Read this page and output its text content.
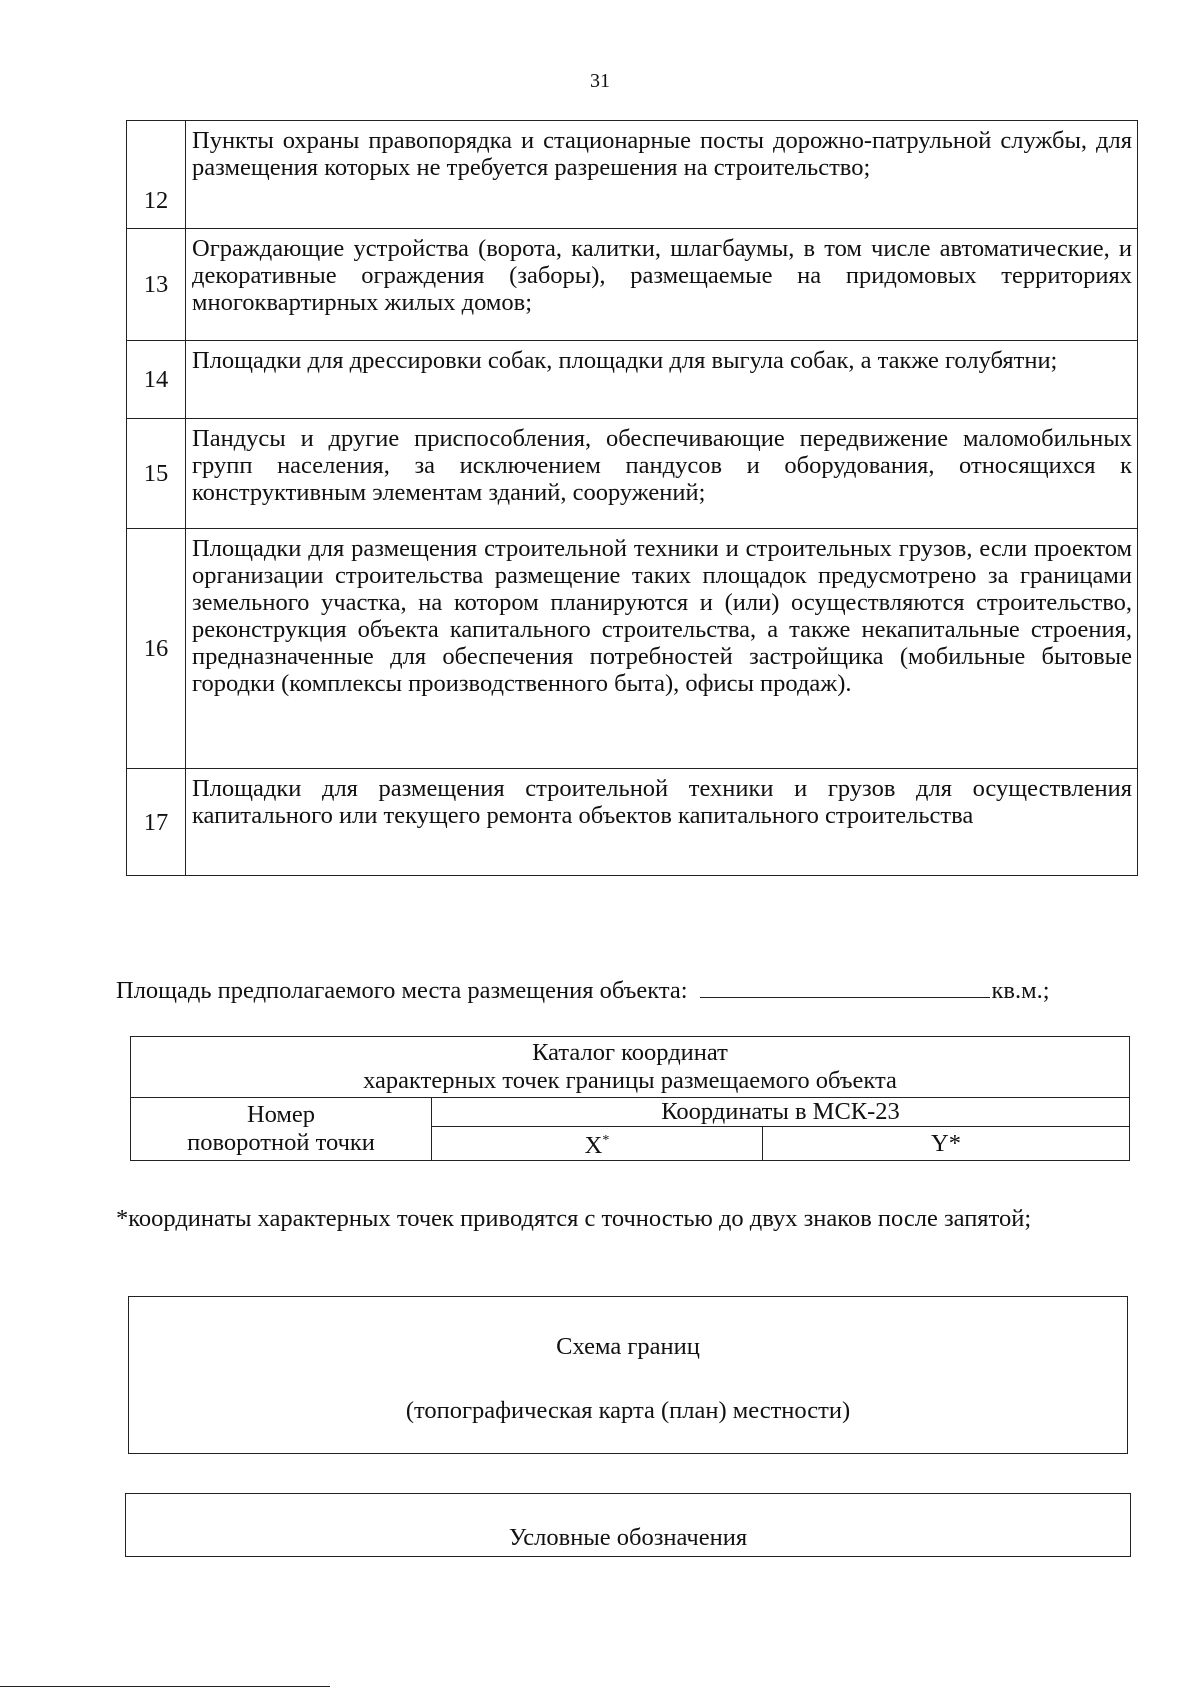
31
12	Пункты охраны правопорядка и стационарные посты дорожно-патрульной службы, для размещения которых не требуется разрешения на строительство;
13	Ограждающие устройства (ворота, калитки, шлагбаумы, в том числе автоматические, и декоративные ограждения (заборы), размещаемые на придомовых территориях многоквартирных жилых домов;
14	Площадки для дрессировки собак, площадки для выгула собак, а также голубятни;
15	Пандусы и другие приспособления, обеспечивающие передвижение маломобильных групп населения, за исключением пандусов и оборудования, относящихся к конструктивным элементам зданий, сооружений;
16	Площадки для размещения строительной техники и строительных грузов, если проектом организации строительства размещение таких площадок предусмотрено за границами земельного участка, на котором планируются и (или) осуществляются строительство, реконструкция объекта капитального строительства, а также некапитальные строения, предназначенные для обеспечения потребностей застройщика (мобильные бытовые городки (комплексы производственного быта), офисы продаж).
17	Площадки для размещения строительной техники и грузов для осуществления капитального или текущего ремонта объектов капитального строительства
Площадь предполагаемого места размещения объекта:	кв.м.;
Каталог координат
характерных точек границы размещаемого объекта		

Номер
поворотной точки	Координаты в МСК-23	
	X*	Y*
*координаты характерных точек приводятся с точностью до двух знаков после запятой;
Схема границ
(топографическая карта (план) местности)
Условные обозначения
